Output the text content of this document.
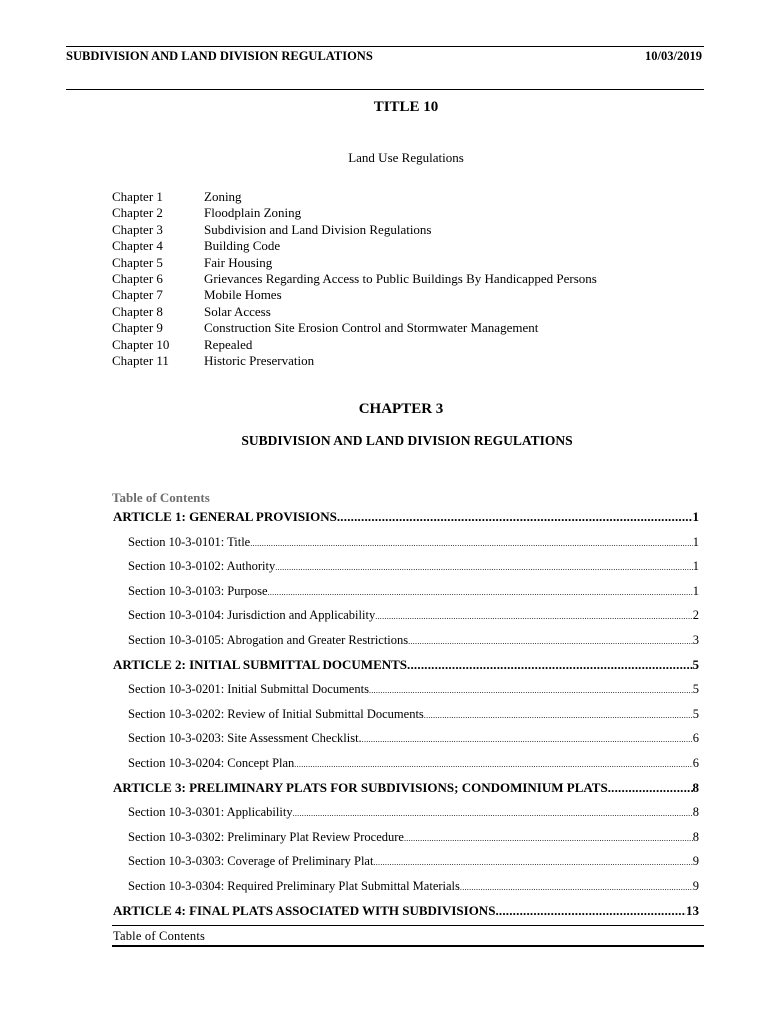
SUBDIVISION AND LAND DIVISION REGULATIONS	10/03/2019
TITLE 10
Land Use Regulations
Chapter 1	Zoning
Chapter 2	Floodplain Zoning
Chapter 3	Subdivision and Land Division Regulations
Chapter 4	Building Code
Chapter 5	Fair Housing
Chapter 6	Grievances Regarding Access to Public Buildings By Handicapped Persons
Chapter 7	Mobile Homes
Chapter 8	Solar Access
Chapter 9	Construction Site Erosion Control and Stormwater Management
Chapter 10	Repealed
Chapter 11	Historic Preservation
CHAPTER 3
SUBDIVISION AND LAND DIVISION REGULATIONS
Table of Contents
ARTICLE 1: GENERAL PROVISIONS .....	1
Section 10-3-0101: Title .....	1
Section 10-3-0102: Authority .....	1
Section 10-3-0103: Purpose .....	1
Section 10-3-0104: Jurisdiction and Applicability .....	2
Section 10-3-0105: Abrogation and Greater Restrictions .....	3
ARTICLE 2: INITIAL SUBMITTAL DOCUMENTS .....	5
Section 10-3-0201: Initial Submittal Documents .....	5
Section 10-3-0202: Review of Initial Submittal Documents .....	5
Section 10-3-0203: Site Assessment Checklist. .....	6
Section 10-3-0204: Concept Plan .....	6
ARTICLE 3: PRELIMINARY PLATS FOR SUBDIVISIONS; CONDOMINIUM PLATS .....	8
Section 10-3-0301: Applicability .....	8
Section 10-3-0302: Preliminary Plat Review Procedure .....	8
Section 10-3-0303: Coverage of Preliminary Plat .....	9
Section 10-3-0304: Required Preliminary Plat Submittal Materials .....	9
ARTICLE 4: FINAL PLATS ASSOCIATED WITH SUBDIVISIONS .....	13
Table of Contents
